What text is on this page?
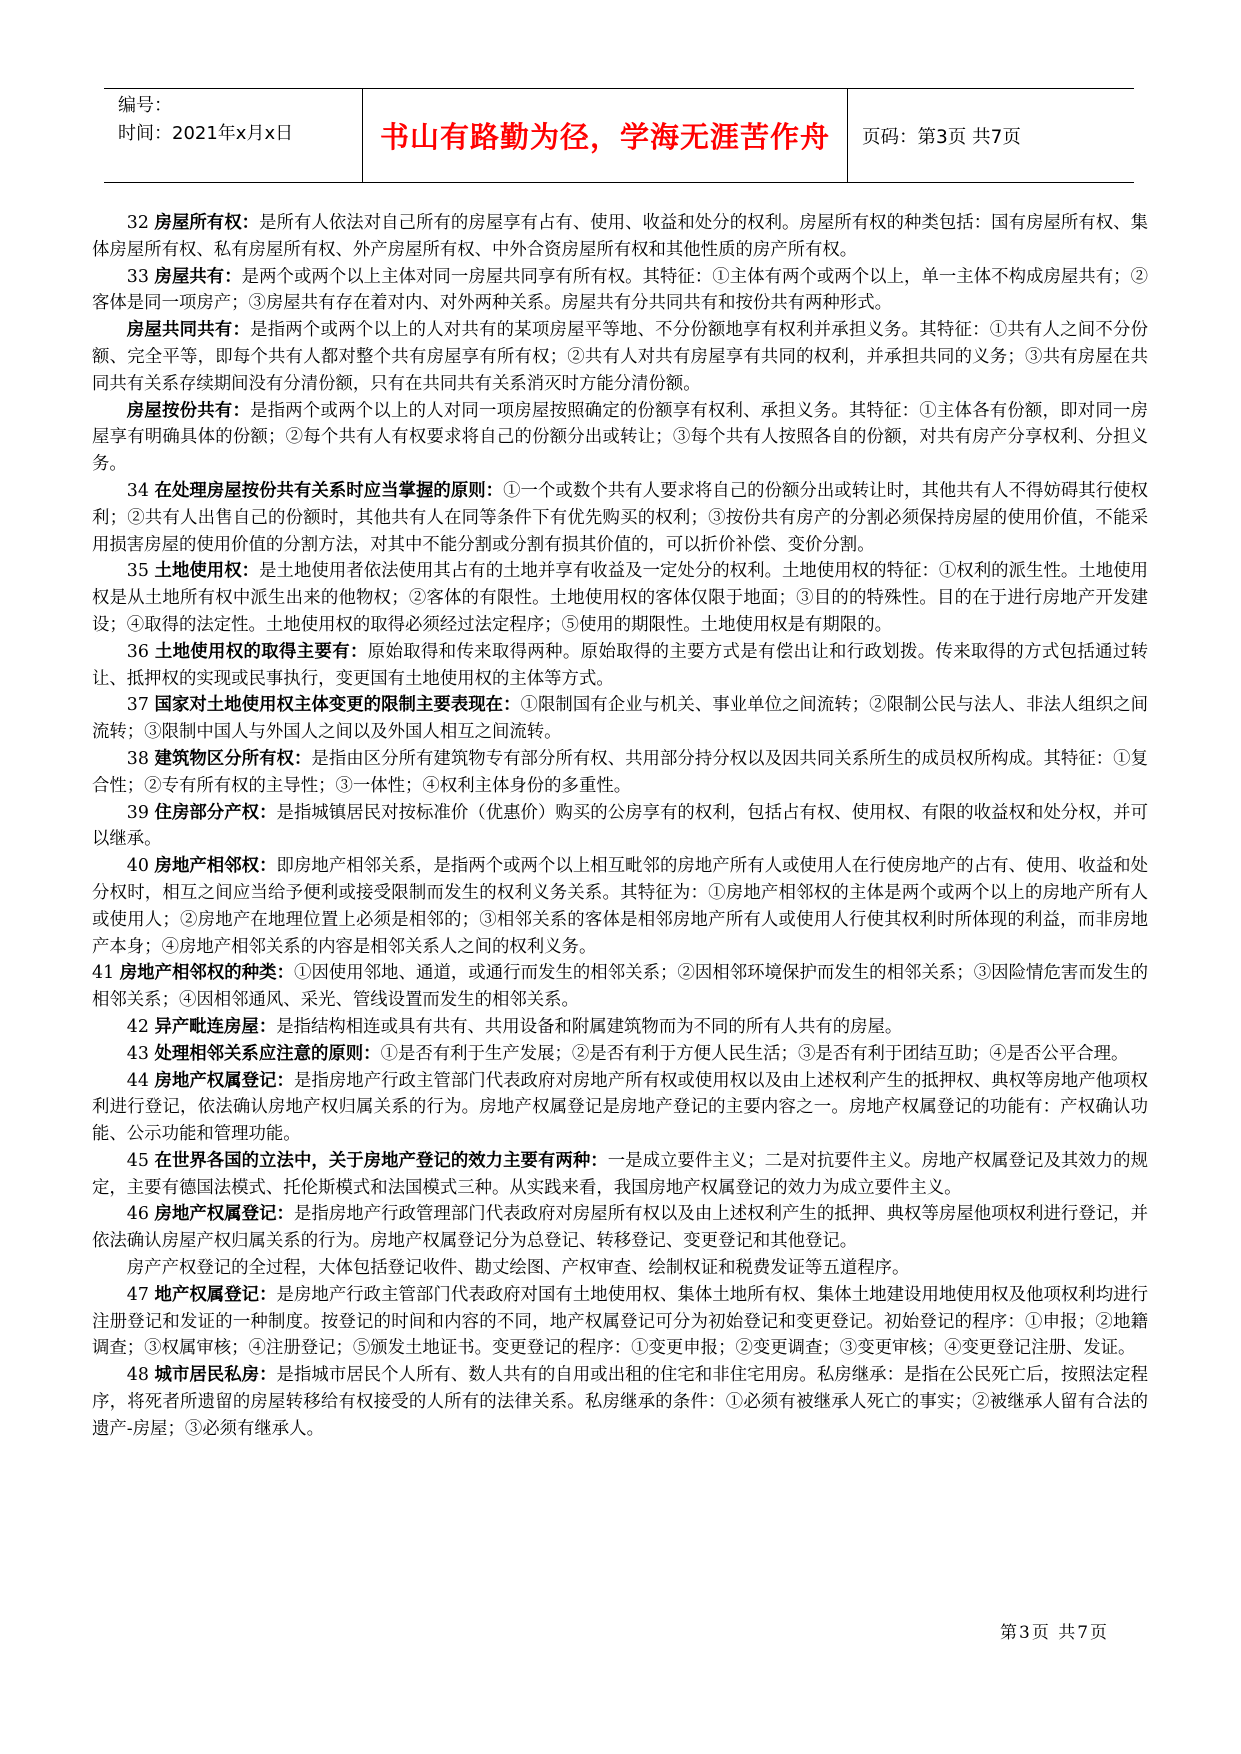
编号：
时间：2021年x月x日	书山有路勤为径，学海无涯苦作舟	页码：第3页 共7页

32 房屋所有权：是所有人依法对自己所有的房屋享有占有、使用、收益和处分的权利。房屋所有权的种类包括：国有房屋所有权、集体房屋所有权、私有房屋所有权、外产房屋所有权、中外合资房屋所有权和其他性质的房产所有权。

33 房屋共有：是两个或两个以上主体对同一房屋共同享有所有权。其特征：①主体有两个或两个以上，单一主体不构成房屋共有；②客体是同一项房产；③房屋共有存在着对内、对外两种关系。房屋共有分共同共有和按份共有两种形式。

房屋共同共有：是指两个或两个以上的人对共有的某项房屋平等地、不分份额地享有权利并承担义务。其特征：①共有人之间不分份额、完全平等，即每个共有人都对整个共有房屋享有所有权；②共有人对共有房屋享有共同的权利，并承担共同的义务；③共有房屋在共同共有关系存续期间没有分清份额，只有在共同共有关系消灭时方能分清份额。

房屋按份共有：是指两个或两个以上的人对同一项房屋按照确定的份额享有权利、承担义务。其特征：①主体各有份额，即对同一房屋享有明确具体的份额；②每个共有人有权要求将自己的份额分出或转让；③每个共有人按照各自的份额，对共有房产分享权利、分担义务。

34 在处理房屋按份共有关系时应当掌握的原则：①一个或数个共有人要求将自己的份额分出或转让时，其他共有人不得妨碍其行使权利；②共有人出售自己的份额时，其他共有人在同等条件下有优先购买的权利；③按份共有房产的分割必须保持房屋的使用价值，不能采用损害房屋的使用价值的分割方法，对其中不能分割或分割有损其价值的，可以折价补偿、变价分割。

35 土地使用权：是土地使用者依法使用其占有的土地并享有收益及一定处分的权利。土地使用权的特征：①权利的派生性。土地使用权是从土地所有权中派生出来的他物权；②客体的有限性。土地使用权的客体仅限于地面；③目的的特殊性。目的在于进行房地产开发建设；④取得的法定性。土地使用权的取得必须经过法定程序；⑤使用的期限性。土地使用权是有期限的。

36 土地使用权的取得主要有：原始取得和传来取得两种。原始取得的主要方式是有偿出让和行政划拨。传来取得的方式包括通过转让、抵押权的实现或民事执行，变更国有土地使用权的主体等方式。

37 国家对土地使用权主体变更的限制主要表现在：①限制国有企业与机关、事业单位之间流转；②限制公民与法人、非法人组织之间流转；③限制中国人与外国人之间以及外国人相互之间流转。

38 建筑物区分所有权：是指由区分所有建筑物专有部分所有权、共用部分持分权以及因共同关系所生的成员权所构成。其特征：①复合性；②专有所有权的主导性；③一体性；④权利主体身份的多重性。

39 住房部分产权：是指城镇居民对按标准价（优惠价）购买的公房享有的权利，包括占有权、使用权、有限的收益权和处分权，并可以继承。

40 房地产相邻权：即房地产相邻关系，是指两个或两个以上相互毗邻的房地产所有人或使用人在行使房地产的占有、使用、收益和处分权时，相互之间应当给予便利或接受限制而发生的权利义务关系。其特征为：①房地产相邻权的主体是两个或两个以上的房地产所有人或使用人；②房地产在地理位置上必须是相邻的；③相邻关系的客体是相邻房地产所有人或使用人行使其权利时所体现的利益，而非房地产本身；④房地产相邻关系的内容是相邻关系人之间的权利义务。

41 房地产相邻权的种类：①因使用邻地、通道，或通行而发生的相邻关系；②因相邻环境保护而发生的相邻关系；③因险情危害而发生的相邻关系；④因相邻通风、采光、管线设置而发生的相邻关系。

42 异产毗连房屋：是指结构相连或具有共有、共用设备和附属建筑物而为不同的所有人共有的房屋。

43 处理相邻关系应注意的原则：①是否有利于生产发展；②是否有利于方便人民生活；③是否有利于团结互助；④是否公平合理。

44 房地产权属登记：是指房地产行政主管部门代表政府对房地产所有权或使用权以及由上述权利产生的抵押权、典权等房地产他项权利进行登记，依法确认房地产权归属关系的行为。房地产权属登记是房地产登记的主要内容之一。房地产权属登记的功能有：产权确认功能、公示功能和管理功能。

45 在世界各国的立法中，关于房地产登记的效力主要有两种：一是成立要件主义；二是对抗要件主义。房地产权属登记及其效力的规定，主要有德国法模式、托伦斯模式和法国模式三种。从实践来看，我国房地产权属登记的效力为成立要件主义。

46 房地产权属登记：是指房地产行政管理部门代表政府对房屋所有权以及由上述权利产生的抵押、典权等房屋他项权利进行登记，并依法确认房屋产权归属关系的行为。房地产权属登记分为总登记、转移登记、变更登记和其他登记。

房产产权登记的全过程，大体包括登记收件、勘丈绘图、产权审查、绘制权证和税费发证等五道程序。

47 地产权属登记：是房地产行政主管部门代表政府对国有土地使用权、集体土地所有权、集体土地建设用地使用权及他项权利均进行注册登记和发证的一种制度。按登记的时间和内容的不同，地产权属登记可分为初始登记和变更登记。初始登记的程序：①申报；②地籍调查；③权属审核；④注册登记；⑤颁发土地证书。变更登记的程序：①变更申报；②变更调查；③变更审核；④变更登记注册、发证。

48 城市居民私房：是指城市居民个人所有、数人共有的自用或出租的住宅和非住宅用房。私房继承：是指在公民死亡后，按照法定程序，将死者所遗留的房屋转移给有权接受的人所有的法律关系。私房继承的条件：①必须有被继承人死亡的事实；②被继承人留有合法的遗产-房屋；③必须有继承人。

第3页 共7页
